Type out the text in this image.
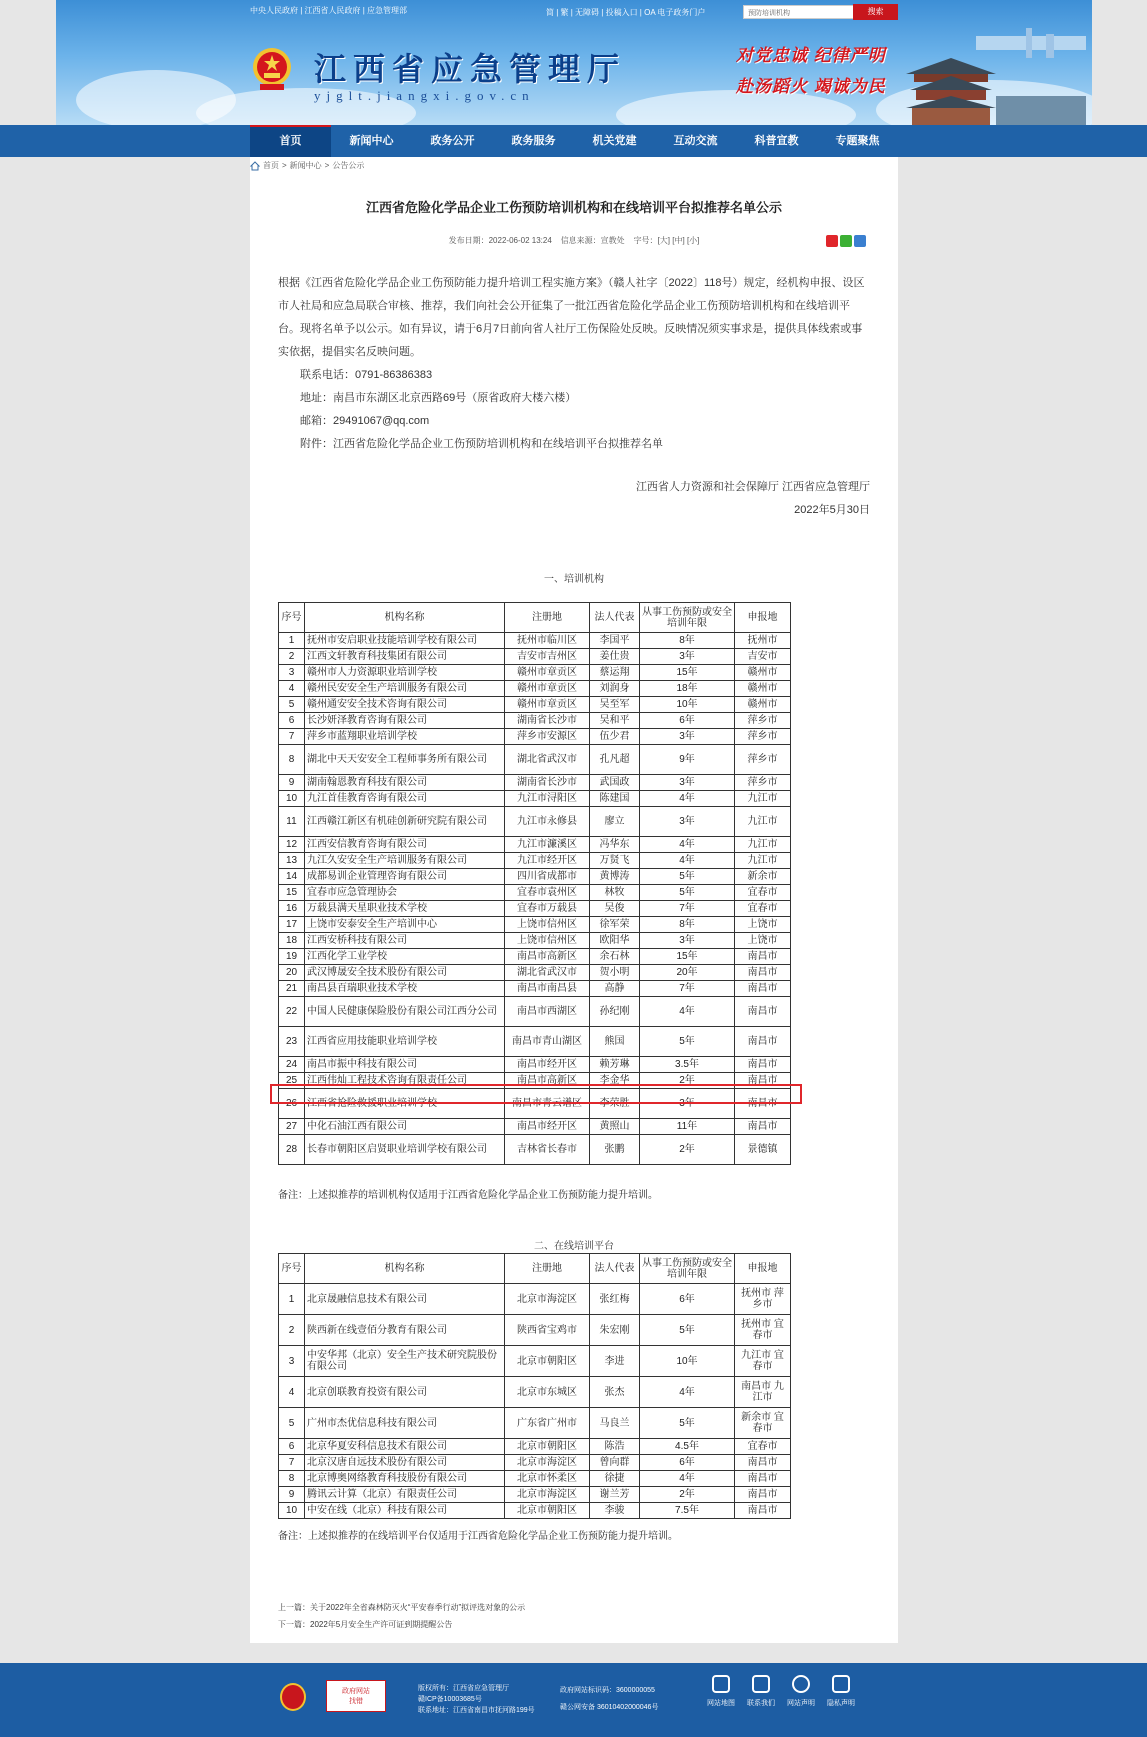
中央人民政府 | 江西省人民政府 | 应急管理部	简 | 繁 | 无障碍 | 投稿入口 | OA 电子政务门户	预防培训机构	搜索
江西省应急管理厅
yjglt.jiangxi.gov.cn
对党忠诚 纪律严明
赴汤蹈火 竭诚为民
首页	新闻中心	政务公开	政务服务	机关党建	互动交流	科普宣教	专题聚焦
首页 > 新闻中心 > 公告公示
江西省危险化学品企业工伤预防培训机构和在线培训平台拟推荐名单公示
发布日期：2022-06-02 13:24 信息来源：宣教处 字号：[大] [中] [小]
根据《江西省危险化学品企业工伤预防能力提升培训工程实施方案》（赣人社字〔2022〕118号）规定，经机构申报、设区市人社局和应急局联合审核、推荐，我们向社会公开征集了一批江西省危险化学品企业工伤预防培训机构和在线培训平台。现将名单予以公示。如有异议，请于6月7日前向省人社厅工伤保险处反映。反映情况须实事求是，提供具体线索或事实依据，提倡实名反映问题。
联系电话：0791-86386383
地址：南昌市东湖区北京西路69号（原省政府大楼六楼）
邮箱：29491067@qq.com
附件：江西省危险化学品企业工伤预防培训机构和在线培训平台拟推荐名单
江西省人力资源和社会保障厅 江西省应急管理厅
2022年5月30日
一、培训机构
序号	机构名称	注册地	法人代表	从事工伤预防或安全培训年限	申报地
1	抚州市安启职业技能培训学校有限公司	抚州市临川区	李国平	8年	抚州市
2	江西文轩教育科技集团有限公司	吉安市吉州区	姜仕贵	3年	吉安市
3	赣州市人力资源职业培训学校	赣州市章贡区	蔡运翔	15年	赣州市
4	赣州民安安全生产培训服务有限公司	赣州市章贡区	刘润身	18年	赣州市
5	赣州通安安全技术咨询有限公司	赣州市章贡区	吴至军	10年	赣州市
6	长沙妍泽教育咨询有限公司	湖南省长沙市	吴和平	6年	萍乡市
7	萍乡市蓝翔职业培训学校	萍乡市安源区	伍少君	3年	萍乡市
8	湖北中天天安安全工程师事务所有限公司	湖北省武汉市	孔凡超	9年	萍乡市
9	湖南翰恩教育科技有限公司	湖南省长沙市	武国政	3年	萍乡市
10	九江首佳教育咨询有限公司	九江市浔阳区	陈建国	4年	九江市
11	江西赣江新区有机硅创新研究院有限公司	九江市永修县	廖立	3年	九江市
12	江西安信教育咨询有限公司	九江市濂溪区	冯华东	4年	九江市
13	九江久安安全生产培训服务有限公司	九江市经开区	万贤飞	4年	九江市
14	成都易训企业管理咨询有限公司	四川省成都市	黄博涛	5年	新余市
15	宜春市应急管理协会	宜春市袁州区	林牧	5年	宜春市
16	万载县满天星职业技术学校	宜春市万载县	吴俊	7年	宜春市
17	上饶市安泰安全生产培训中心	上饶市信州区	徐军荣	8年	上饶市
18	江西安桥科技有限公司	上饶市信州区	欧阳华	3年	上饶市
19	江西化学工业学校	南昌市高新区	余石林	15年	南昌市
20	武汉博晟安全技术股份有限公司	湖北省武汉市	贺小明	20年	南昌市
21	南昌县百瑞职业技术学校	南昌市南昌县	高静	7年	南昌市
22	中国人民健康保险股份有限公司江西分公司	南昌市西湖区	孙纪刚	4年	南昌市
23	江西省应用技能职业培训学校	南昌市青山湖区	熊国	5年	南昌市
24	南昌市振中科技有限公司	南昌市经开区	赖芳琳	3.5年	南昌市
25	江西伟灿工程技术咨询有限责任公司	南昌市高新区	李金华	2年	南昌市
26	江西省抢险救援职业培训学校	南昌市青云谱区	李荣胜	3年	南昌市
27	中化石油江西有限公司	南昌市经开区	黄照山	11年	南昌市
28	长春市朝阳区启贤职业培训学校有限公司	吉林省长春市	张鹏	2年	景德镇
备注：上述拟推荐的培训机构仅适用于江西省危险化学品企业工伤预防能力提升培训。
二、在线培训平台
序号	机构名称	注册地	法人代表	从事工伤预防或安全培训年限	申报地
1	北京晟融信息技术有限公司	北京市海淀区	张红梅	6年	抚州市 萍乡市
2	陕西新在线壹佰分教育有限公司	陕西省宝鸡市	朱宏刚	5年	抚州市 宜春市
3	中安华邦（北京）安全生产技术研究院股份有限公司	北京市朝阳区	李进	10年	九江市 宜春市
4	北京创联教育投资有限公司	北京市东城区	张杰	4年	南昌市 九江市
5	广州市杰优信息科技有限公司	广东省广州市	马良兰	5年	新余市 宜春市
6	北京华夏安科信息技术有限公司	北京市朝阳区	陈浩	4.5年	宜春市
7	北京汉唐自远技术股份有限公司	北京市海淀区	曾向群	6年	南昌市
8	北京博奥网络教育科技股份有限公司	北京市怀柔区	徐捷	4年	南昌市
9	腾讯云计算（北京）有限责任公司	北京市海淀区	谢兰芳	2年	南昌市
10	中安在线（北京）科技有限公司	北京市朝阳区	李骏	7.5年	南昌市
备注：上述拟推荐的在线培训平台仅适用于江西省危险化学品企业工伤预防能力提升培训。
上一篇：关于2022年全省森林防灭火“平安春季行动”拟评选对象的公示
下一篇：2022年5月安全生产许可证到期提醒公告
政府网站
找错
版权所有：江西省应急管理厅
赣ICP备10003685号
联系地址：江西省南昌市抚河路199号
政府网站标识码：3600000055
赣公网安备 36010402000046号
网站地图 联系我们 网站声明 隐私声明
